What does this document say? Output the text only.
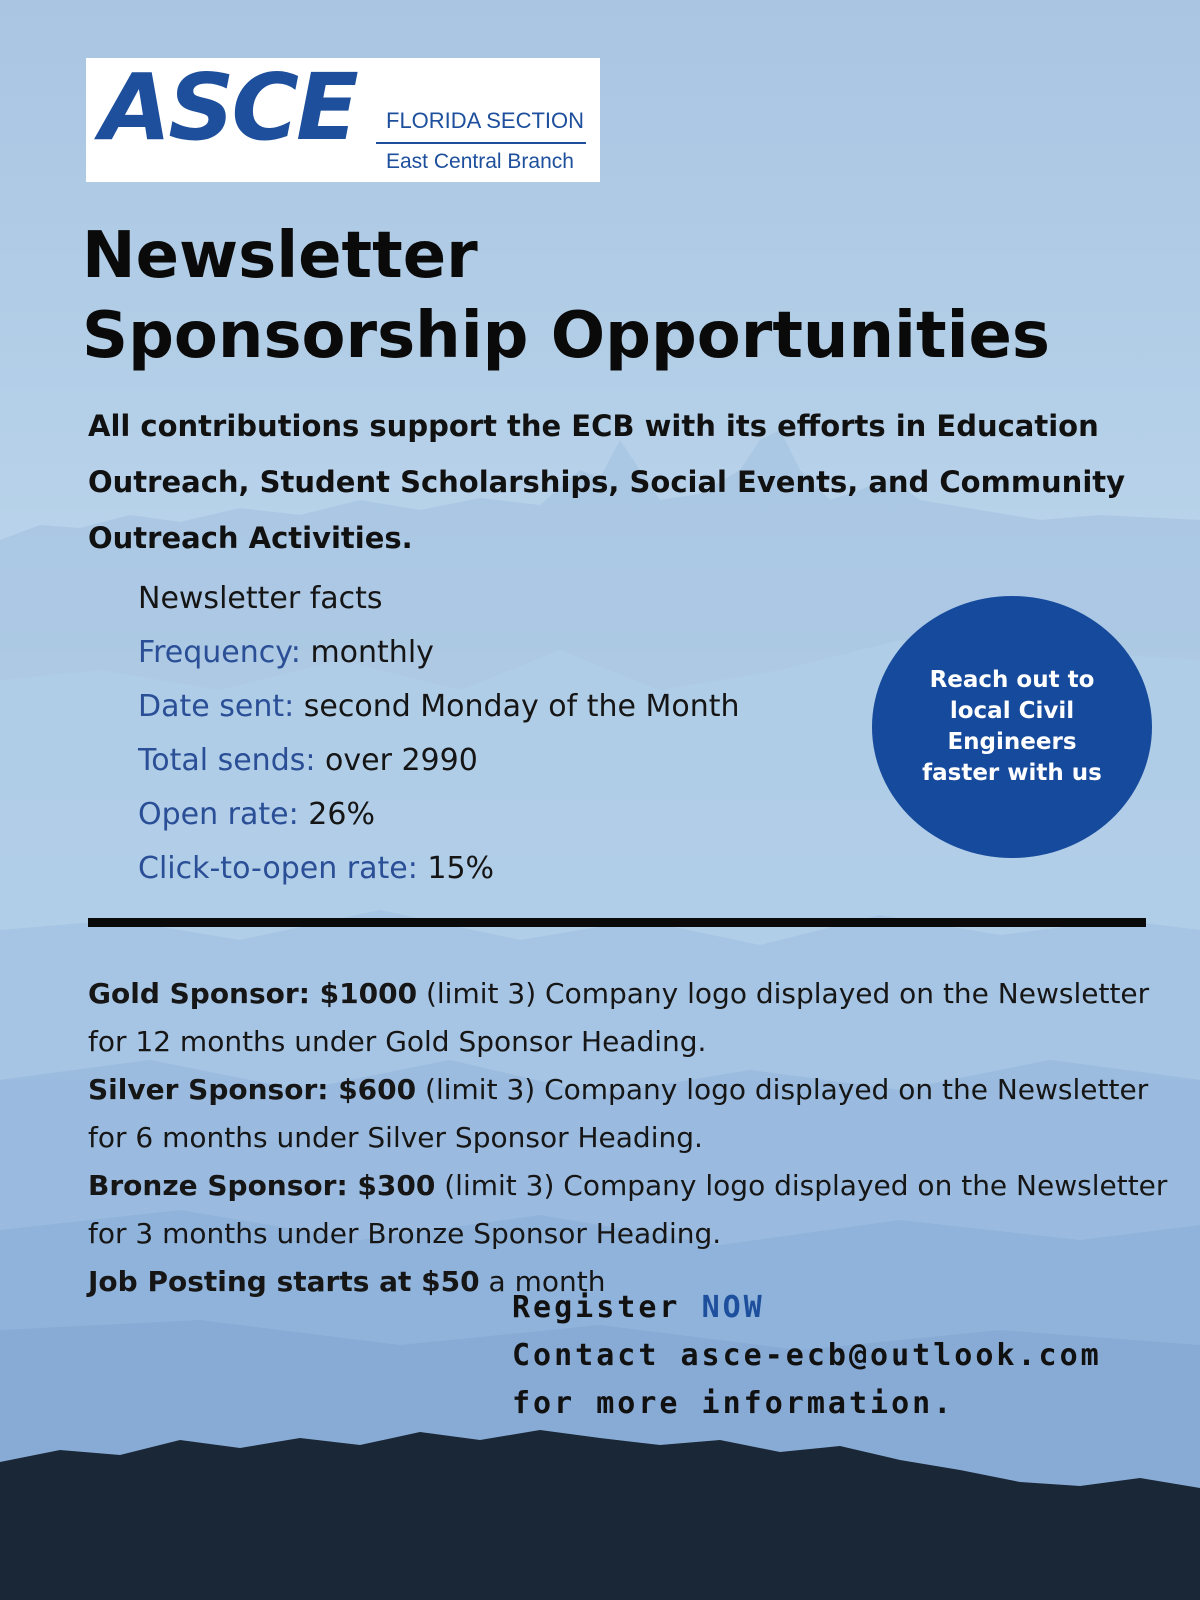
ASCE FLORIDA SECTION
East Central Branch
Newsletter
Sponsorship Opportunities
All contributions support the ECB with its efforts in Education Outreach, Student Scholarships, Social Events, and Community Outreach Activities.
Newsletter facts
Frequency: monthly
Date sent: second Monday of the Month
Total sends: over 2990
Open rate: 26%
Click-to-open rate: 15%
Reach out to local Civil Engineers faster with us
Gold Sponsor: $1000 (limit 3) Company logo displayed on the Newsletter for 12 months under Gold Sponsor Heading.
Silver Sponsor: $600 (limit 3) Company logo displayed on the Newsletter for 6 months under Silver Sponsor Heading.
Bronze Sponsor: $300 (limit 3) Company logo displayed on the Newsletter for 3 months under Bronze Sponsor Heading.
Job Posting starts at $50 a month
Register NOW
Contact asce-ecb@outlook.com
for more information.
